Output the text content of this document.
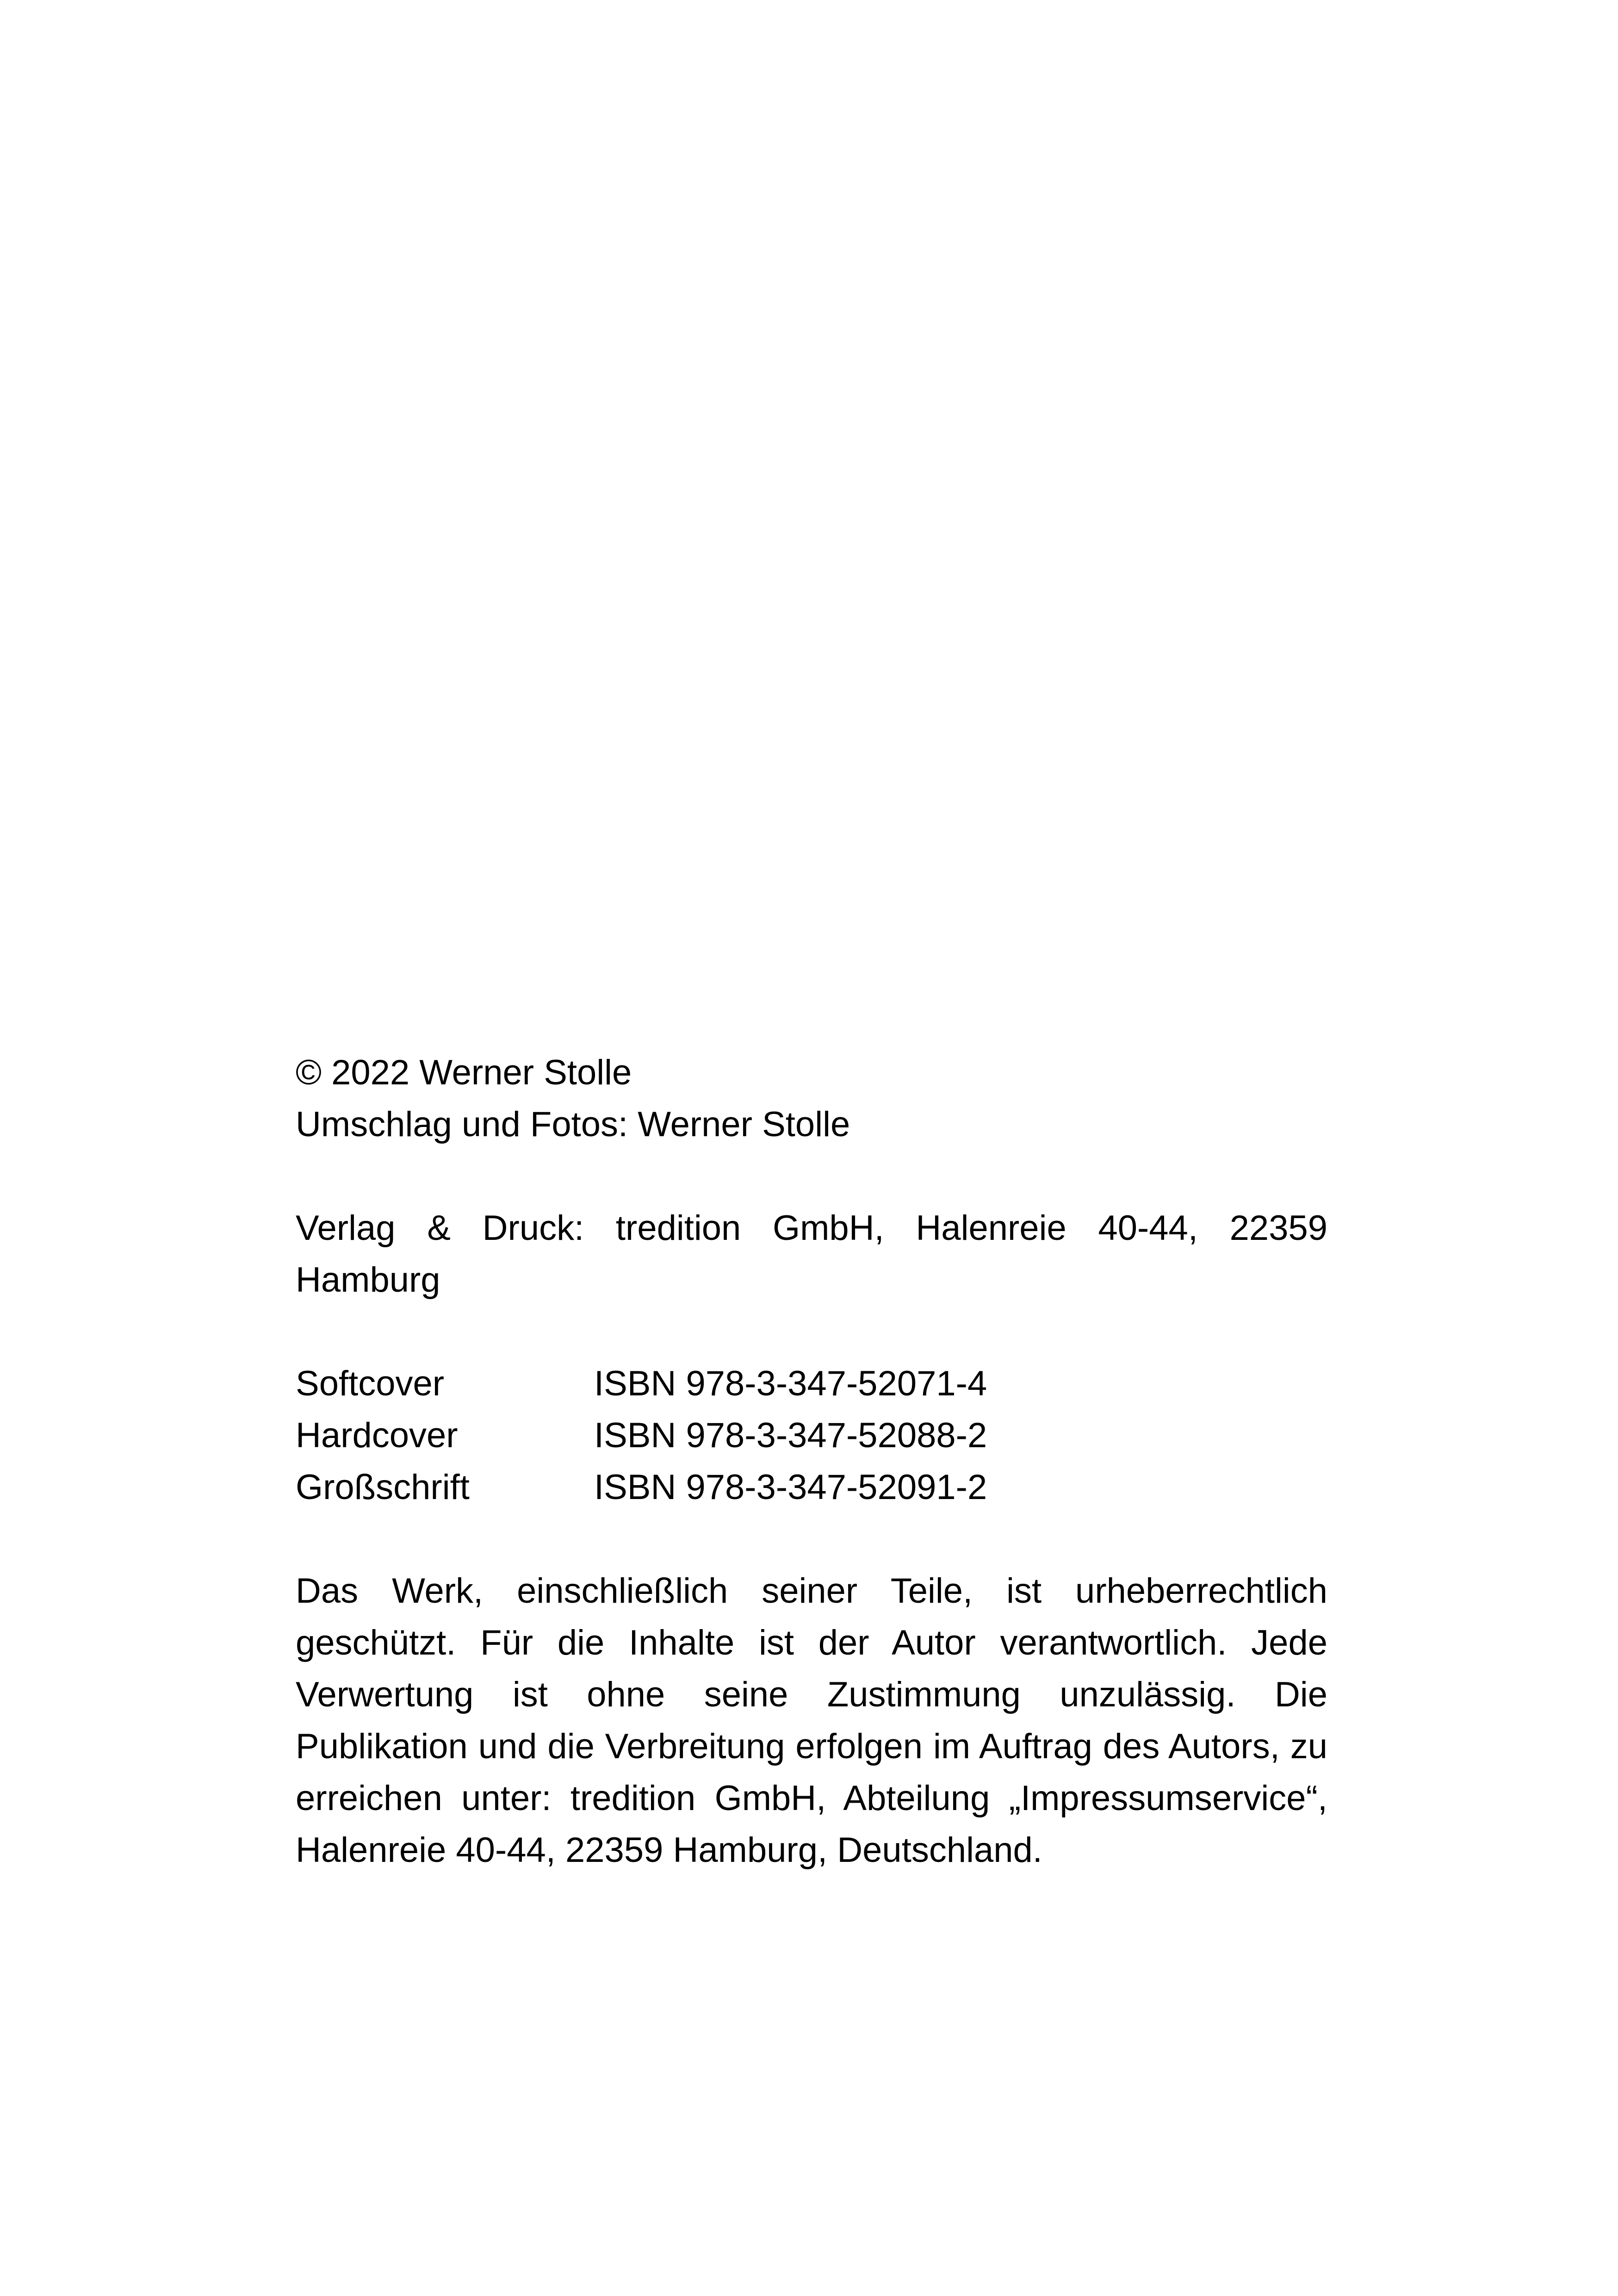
© 2022 Werner Stolle
Umschlag und Fotos: Werner Stolle
Verlag & Druck: tredition GmbH, Halenreie 40-44, 22359 Hamburg
Softcover	ISBN 978-3-347-52071-4
Hardcover	ISBN 978-3-347-52088-2
Großschrift	ISBN 978-3-347-52091-2
Das Werk, einschließlich seiner Teile, ist urheberrechtlich geschützt. Für die Inhalte ist der Autor verantwortlich. Jede Verwertung ist ohne seine Zustimmung unzulässig. Die Publikation und die Verbreitung erfolgen im Auftrag des Autors, zu erreichen unter: tredition GmbH, Abteilung „Impressumservice“, Halenreie 40-44, 22359 Hamburg, Deutschland.
